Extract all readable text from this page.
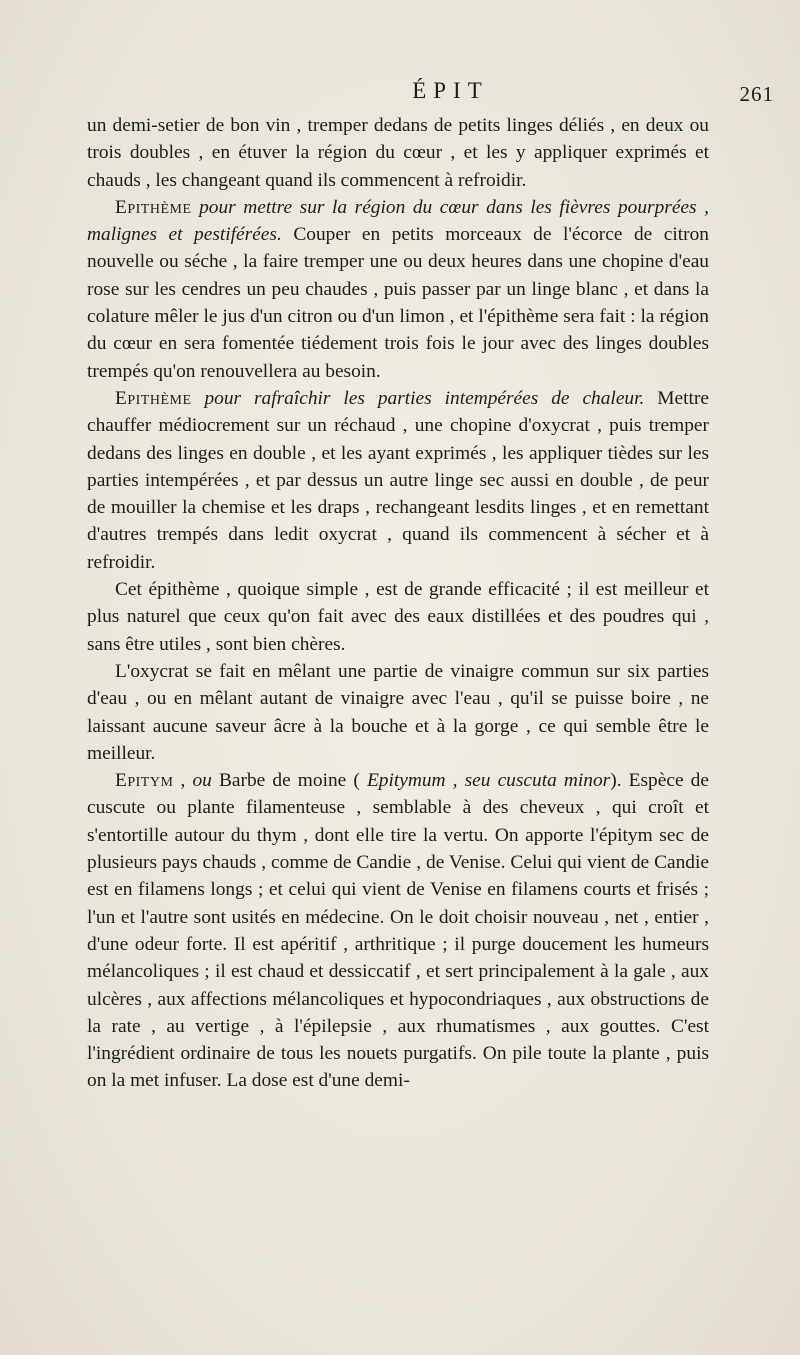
ÉPIT	261

un demi-setier de bon vin , tremper dedans de petits linges déliés , en deux ou trois doubles , en étuver la région du cœur , et les y appliquer exprimés et chauds , les changeant quand ils commencent à refroidir.

Epithème pour mettre sur la région du cœur dans les fièvres pourprées , malignes et pestiférées. Couper en petits morceaux de l'écorce de citron nouvelle ou séche , la faire tremper une ou deux heures dans une chopine d'eau rose sur les cendres un peu chaudes , puis passer par un linge blanc , et dans la colature mêler le jus d'un citron ou d'un limon , et l'épithème sera fait : la région du cœur en sera fomentée tiédement trois fois le jour avec des linges doubles trempés qu'on renouvellera au besoin.

Epithème pour rafraîchir les parties intempérées de chaleur. Mettre chauffer médiocrement sur un réchaud , une chopine d'oxycrat , puis tremper dedans des linges en double , et les ayant exprimés , les appliquer tièdes sur les parties intempérées , et par dessus un autre linge sec aussi en double , de peur de mouiller la chemise et les draps , rechangeant lesdits linges , et en remettant d'autres trempés dans ledit oxycrat , quand ils commencent à sécher et à refroidir.

Cet épithème , quoique simple , est de grande efficacité ; il est meilleur et plus naturel que ceux qu'on fait avec des eaux distillées et des poudres qui , sans être utiles , sont bien chères.

L'oxycrat se fait en mêlant une partie de vinaigre commun sur six parties d'eau , ou en mêlant autant de vinaigre avec l'eau , qu'il se puisse boire , ne laissant aucune saveur âcre à la bouche et à la gorge , ce qui semble être le meilleur.

Epitym , ou Barbe de moine ( Epitymum , seu cuscuta minor). Espèce de cuscute ou plante filamenteuse , semblable à des cheveux , qui croît et s'entortille autour du thym , dont elle tire la vertu. On apporte l'épitym sec de plusieurs pays chauds , comme de Candie , de Venise. Celui qui vient de Candie est en filamens longs ; et celui qui vient de Venise en filamens courts et frisés ; l'un et l'autre sont usités en médecine. On le doit choisir nouveau , net , entier , d'une odeur forte. Il est apéritif , arthritique ; il purge doucement les humeurs mélancoliques ; il est chaud et dessiccatif , et sert principalement à la gale , aux ulcères , aux affections mélancoliques et hypocondriaques , aux obstructions de la rate , au vertige , à l'épilepsie , aux rhumatismes , aux gouttes. C'est l'ingrédient ordinaire de tous les nouets purgatifs. On pile toute la plante , puis on la met infuser. La dose est d'une demi-
